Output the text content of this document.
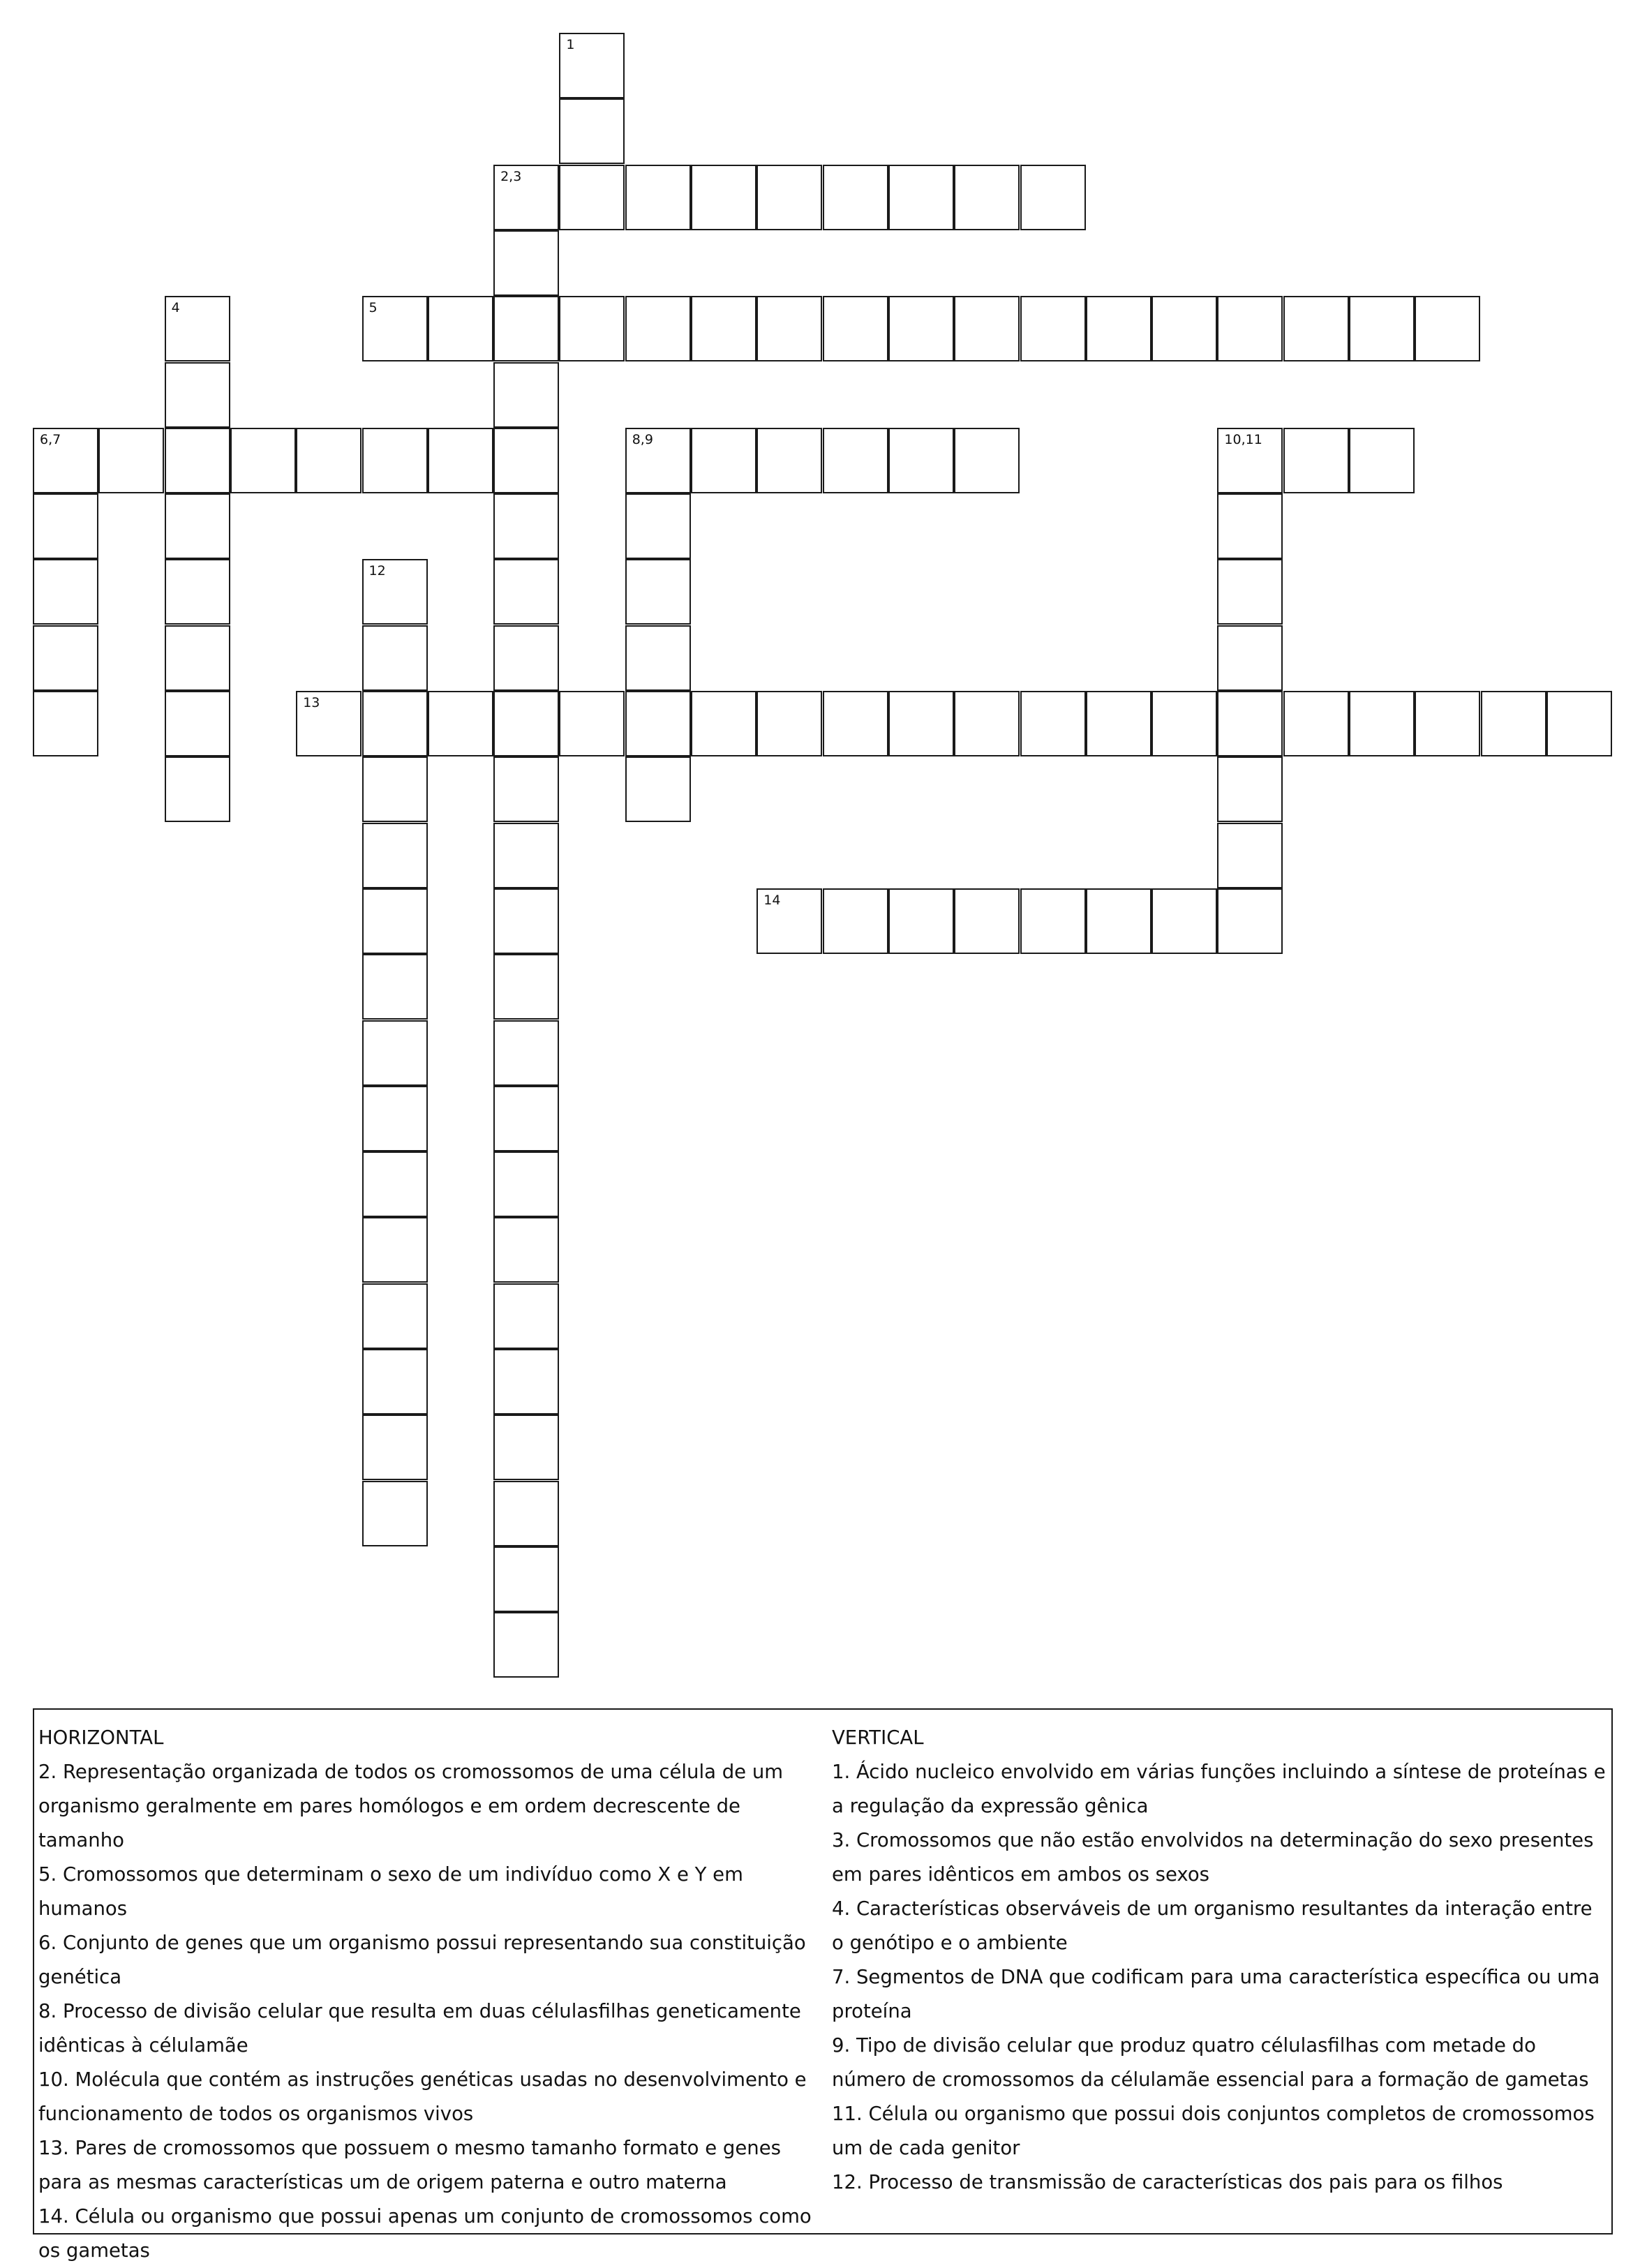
1
2,3
4	5
6,7	8,9	10,11
12
13
14
HORIZONTAL
2. Representação organizada de todos os cromossomos de uma célula de um organismo geralmente em pares homólogos e em ordem decrescente de tamanho
5. Cromossomos que determinam o sexo de um indivíduo como X e Y em humanos
6. Conjunto de genes que um organismo possui representando sua constituição genética
8. Processo de divisão celular que resulta em duas célulasfilhas geneticamente idênticas à célulamãe
10. Molécula que contém as instruções genéticas usadas no desenvolvimento e funcionamento de todos os organismos vivos
13. Pares de cromossomos que possuem o mesmo tamanho formato e genes para as mesmas características um de origem paterna e outro materna
14. Célula ou organismo que possui apenas um conjunto de cromossomos como os gametas
VERTICAL
1. Ácido nucleico envolvido em várias funções incluindo a síntese de proteínas e a regulação da expressão gênica
3. Cromossomos que não estão envolvidos na determinação do sexo presentes em pares idênticos em ambos os sexos
4. Características observáveis de um organismo resultantes da interação entre o genótipo e o ambiente
7. Segmentos de DNA que codificam para uma característica específica ou uma proteína
9. Tipo de divisão celular que produz quatro célulasfilhas com metade do número de cromossomos da célulamãe essencial para a formação de gametas
11. Célula ou organismo que possui dois conjuntos completos de cromossomos um de cada genitor
12. Processo de transmissão de características dos pais para os filhos
